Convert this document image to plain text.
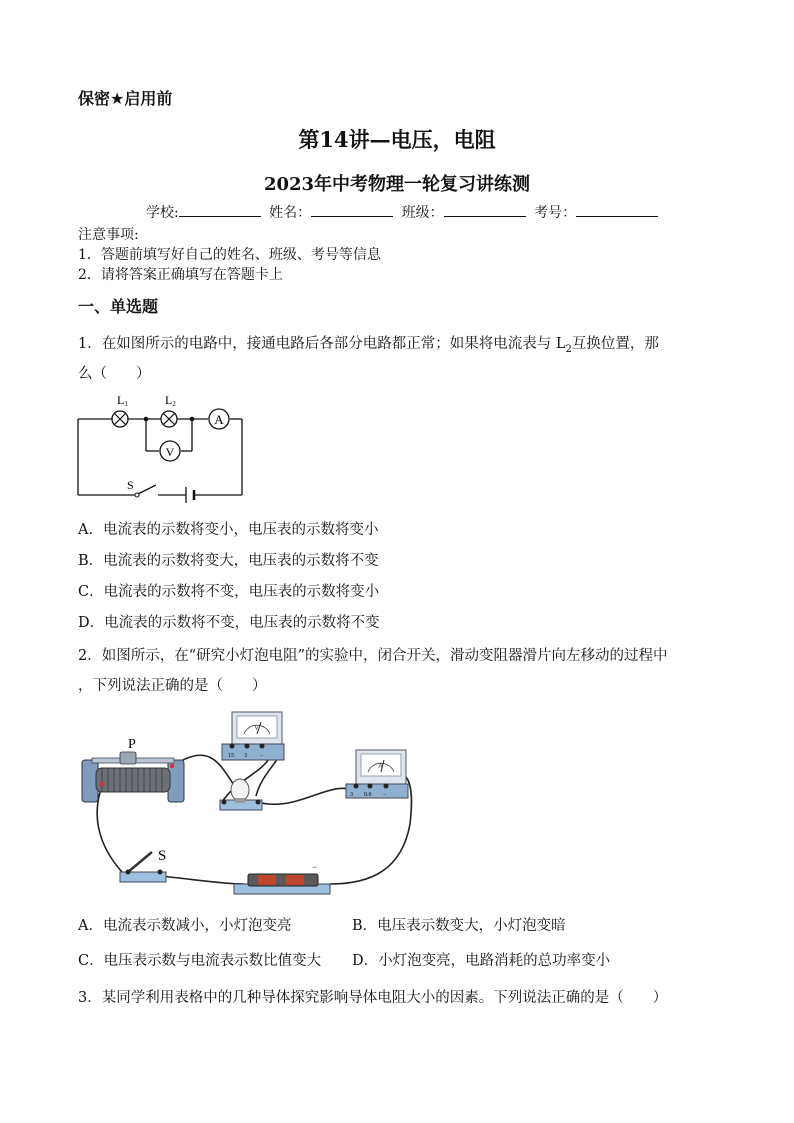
保密★启用前
第14讲—电压，电阻
2023年中考物理一轮复习讲练测
学校:	姓名：	班级：	考号：
注意事项:
1．答题前填写好自己的姓名、班级、考号等信息
2．请将答案正确填写在答题卡上
一、单选题
1．在如图所示的电路中，接通电路后各部分电路都正常；如果将电流表与 $L_2$互换位置，那
么（　　）
A
V
L1	L2
S
A．电流表的示数将变小，电压表的示数将变小
B．电流表的示数将变大，电压表的示数将不变
C．电流表的示数将不变，电压表的示数将变小
D．电流表的示数将不变，电压表的示数将不变
2．如图所示，在“研究小灯泡电阻”的实验中，闭合开关，滑动变阻器滑片向左移动的过程中
，下列说法正确的是（　　）
P
V
15 3 −
A
3 0.6 −
S
−
A．电流表示数减小，小灯泡变亮	B．电压表示数变大，小灯泡变暗
C．电压表示数与电流表示数比值变大 D．小灯泡变亮，电路消耗的总功率变小
3．某同学利用表格中的几种导体探究影响导体电阻大小的因素。下列说法正确的是（　　）
